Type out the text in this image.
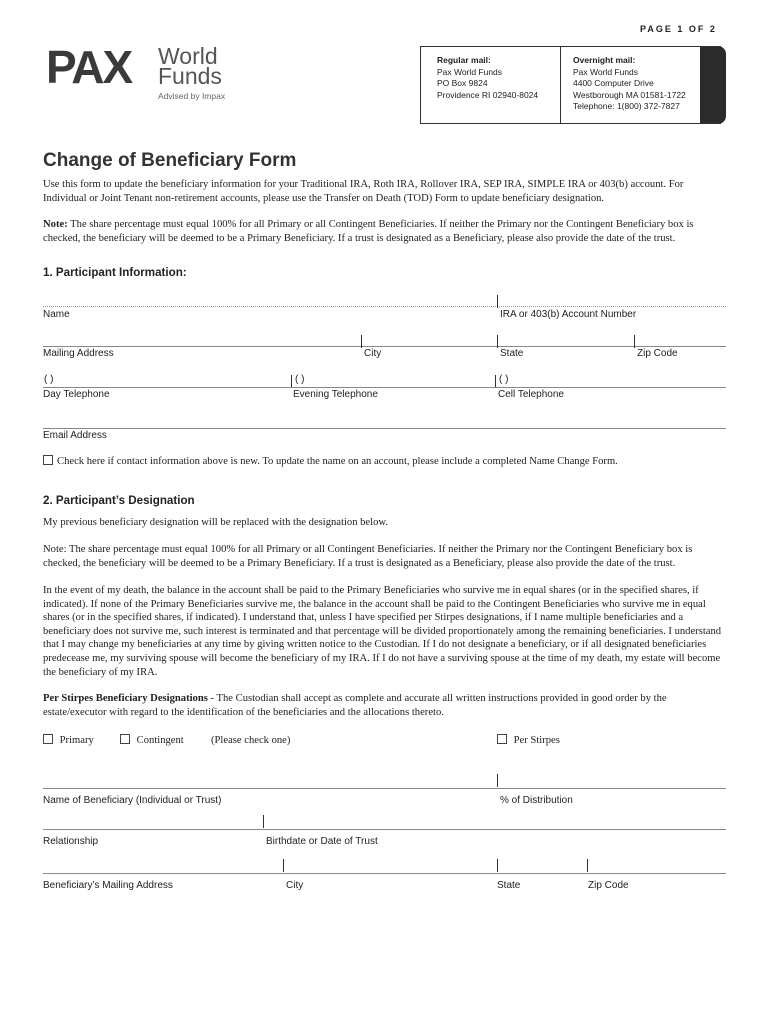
PAGE 1 OF 2
PAX World
Funds
Advised by Impax
Regular mail:
Pax World Funds
PO Box 9824
Providence RI 02940-8024
Overnight mail:
Pax World Funds
4400 Computer Drive
Westborough MA 01581-1722
Telephone: 1(800) 372-7827
Change of Beneficiary Form
Use this form to update the beneficiary information for your Traditional IRA, Roth IRA, Rollover IRA, SEP IRA, SIMPLE IRA or 403(b) account. For Individual or Joint Tenant non-retirement accounts, please use the Transfer on Death (TOD) Form to update beneficiary designation.
Note: The share percentage must equal 100% for all Primary or all Contingent Beneficiaries. If neither the Primary nor the Contingent Beneficiary box is checked, the beneficiary will be deemed to be a Primary Beneficiary. If a trust is designated as a Beneficiary, please also provide the date of the trust.
1. Participant Information:
Name	IRA or 403(b) Account Number
Mailing Address	City	State	Zip Code
( )	( )	( )
Day Telephone	Evening Telephone	Cell Telephone
Email Address
Check here if contact information above is new. To update the name on an account, please include a completed Name Change Form.
2. Participant’s Designation
My previous beneficiary designation will be replaced with the designation below.
Note: The share percentage must equal 100% for all Primary or all Contingent Beneficiaries. If neither the Primary nor the Contingent Beneficiary box is checked, the beneficiary will be deemed to be a Primary Beneficiary. If a trust is designated as a Beneficiary, please also provide the date of the trust.
In the event of my death, the balance in the account shall be paid to the Primary Beneficiaries who survive me in equal shares (or in the specified shares, if indicated). If none of the Primary Beneficiaries survive me, the balance in the account shall be paid to the Contingent Beneficiaries who survive me in equal shares (or in the specified shares, if indicated). I understand that, unless I have specified per Stirpes designations, if I name multiple beneficiaries and a beneficiary does not survive me, such interest is terminated and that percentage will be divided proportionately among the remaining beneficiaries. I understand that I may change my beneficiaries at any time by giving written notice to the Custodian. If I do not designate a beneficiary, or if all designated beneficiaries predecease me, my surviving spouse will become the beneficiary of my IRA. If I do not have a surviving spouse at the time of my death, my estate will become the beneficiary of my IRA.
Per Stirpes Beneficiary Designations - The Custodian shall accept as complete and accurate all written instructions provided in good order by the estate/executor with regard to the identification of the beneficiaries and the allocations thereto.
Primary	Contingent	(Please check one)	Per Stirpes
Name of Beneficiary (Individual or Trust)	% of Distribution
Relationship	Birthdate or Date of Trust
Beneficiary’s Mailing Address	City	State	Zip Code
